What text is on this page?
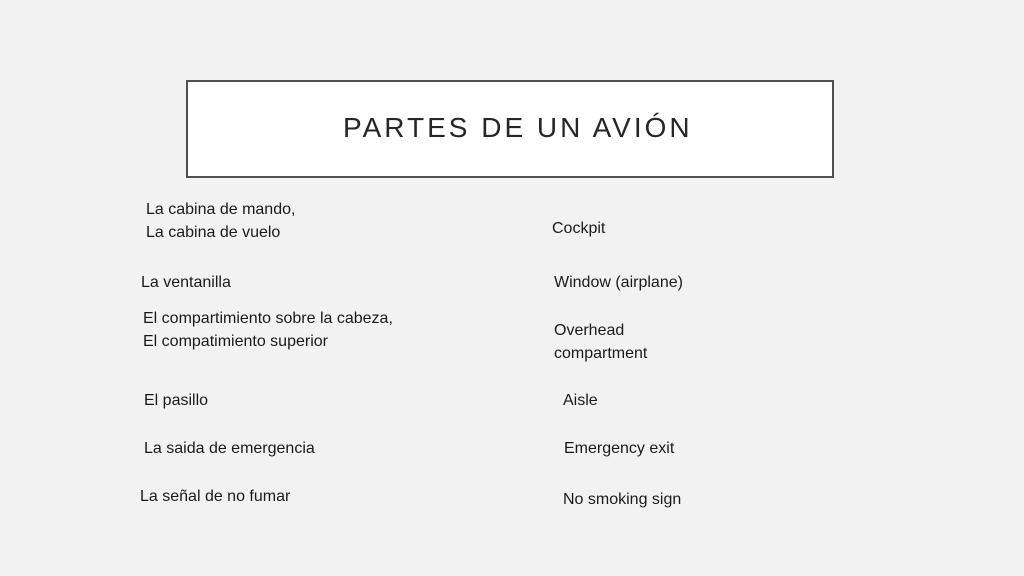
PARTES DE UN AVIÓN
La cabina de mando,
La cabina de vuelo
La ventanilla
El compartimiento sobre la cabeza,
El compatimiento superior
El pasillo
La saida de emergencia
La señal de no fumar
Cockpit
Window (airplane)
Overhead
compartment
Aisle
Emergency exit
No smoking sign
